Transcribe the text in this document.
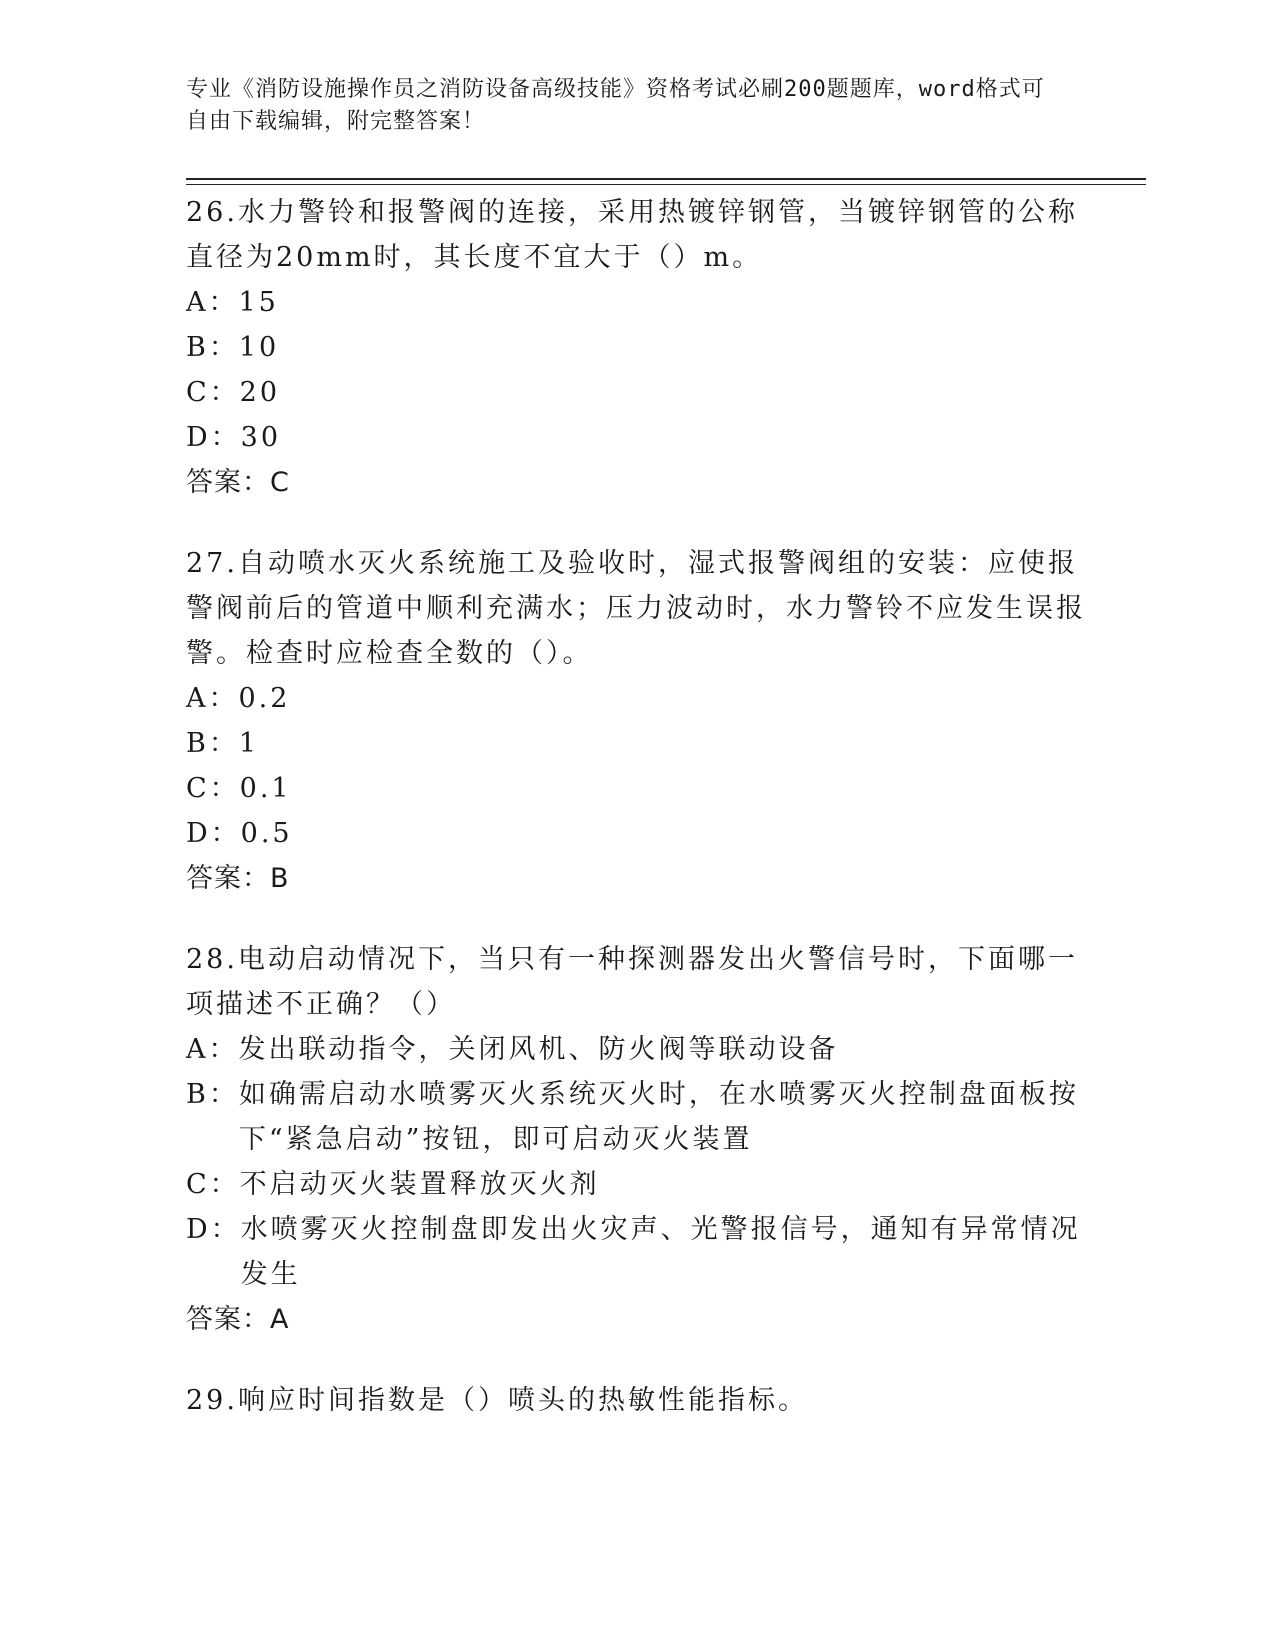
专业《消防设施操作员之消防设备高级技能》资格考试必刷200题题库，word格式可自由下载编辑，附完整答案！

26.水力警铃和报警阀的连接，采用热镀锌钢管，当镀锌钢管的公称直径为20mm时，其长度不宜大于（）m。

A： 15

B： 10

C： 20

D： 30

答案：C

27.自动喷水灭火系统施工及验收时，湿式报警阀组的安装：应使报警阀前后的管道中顺利充满水；压力波动时，水力警铃不应发生误报警。检查时应检查全数的（）。

A： 0.2

B： 1

C： 0.1

D： 0.5

答案：B

28.电动启动情况下，当只有一种探测器发出火警信号时，下面哪一项描述不正确？（）

A： 发出联动指令，关闭风机、防火阀等联动设备

B： 如确需启动水喷雾灭火系统灭火时，在水喷雾灭火控制盘面板按下“紧急启动”按钮，即可启动灭火装置

C： 不启动灭火装置释放灭火剂

D： 水喷雾灭火控制盘即发出火灾声、光警报信号，通知有异常情况发生

答案：A

29.响应时间指数是（）喷头的热敏性能指标。
